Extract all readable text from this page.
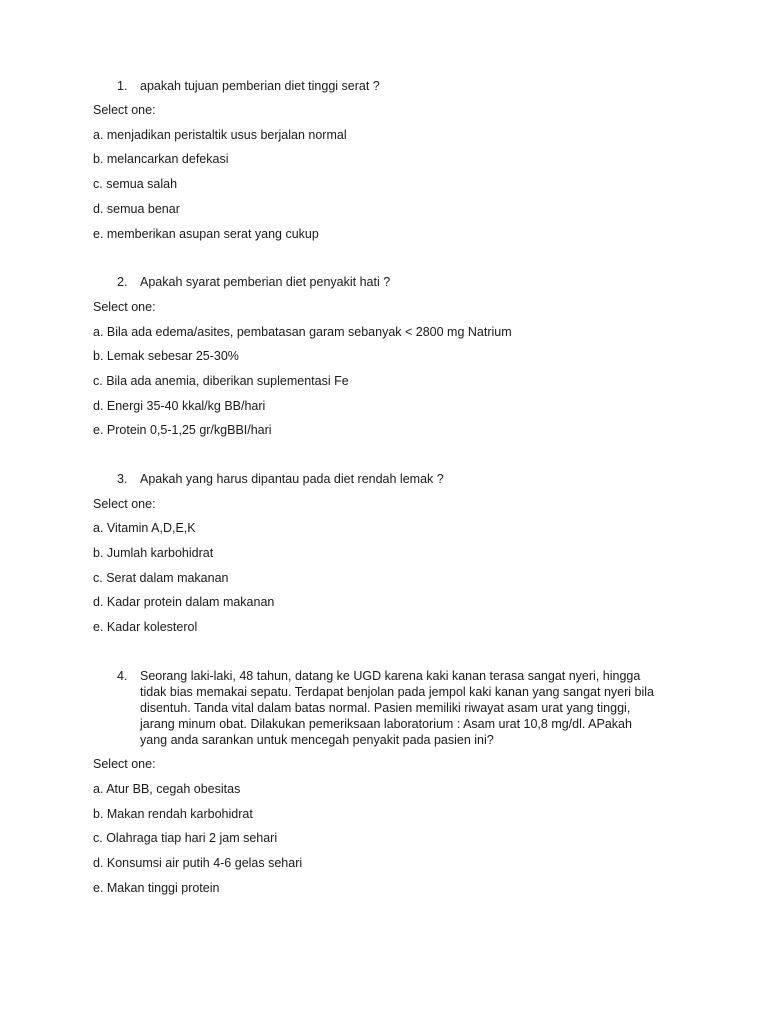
1. apakah tujuan pemberian diet tinggi serat ?
Select one:
a. menjadikan peristaltik usus berjalan normal
b. melancarkan defekasi
c. semua salah
d. semua benar
e. memberikan asupan serat yang cukup
2. Apakah syarat pemberian diet penyakit hati ?
Select one:
a. Bila ada edema/asites, pembatasan garam sebanyak < 2800 mg Natrium
b. Lemak sebesar 25-30%
c. Bila ada anemia, diberikan suplementasi Fe
d. Energi 35-40 kkal/kg BB/hari
e. Protein 0,5-1,25 gr/kgBBI/hari
3. Apakah yang harus dipantau pada diet rendah lemak ?
Select one:
a. Vitamin A,D,E,K
b. Jumlah karbohidrat
c. Serat dalam makanan
d. Kadar protein dalam makanan
e. Kadar kolesterol
4. Seorang laki-laki, 48 tahun, datang ke UGD karena kaki kanan terasa sangat nyeri, hingga tidak bias memakai sepatu. Terdapat benjolan pada jempol kaki kanan yang sangat nyeri bila disentuh. Tanda vital dalam batas normal. Pasien memiliki riwayat asam urat yang tinggi, jarang minum obat. Dilakukan pemeriksaan laboratorium : Asam urat 10,8 mg/dl. APakah yang anda sarankan untuk mencegah penyakit pada pasien ini?
Select one:
a. Atur BB, cegah obesitas
b. Makan rendah karbohidrat
c. Olahraga tiap hari 2 jam sehari
d. Konsumsi air putih 4-6 gelas sehari
e. Makan tinggi protein
